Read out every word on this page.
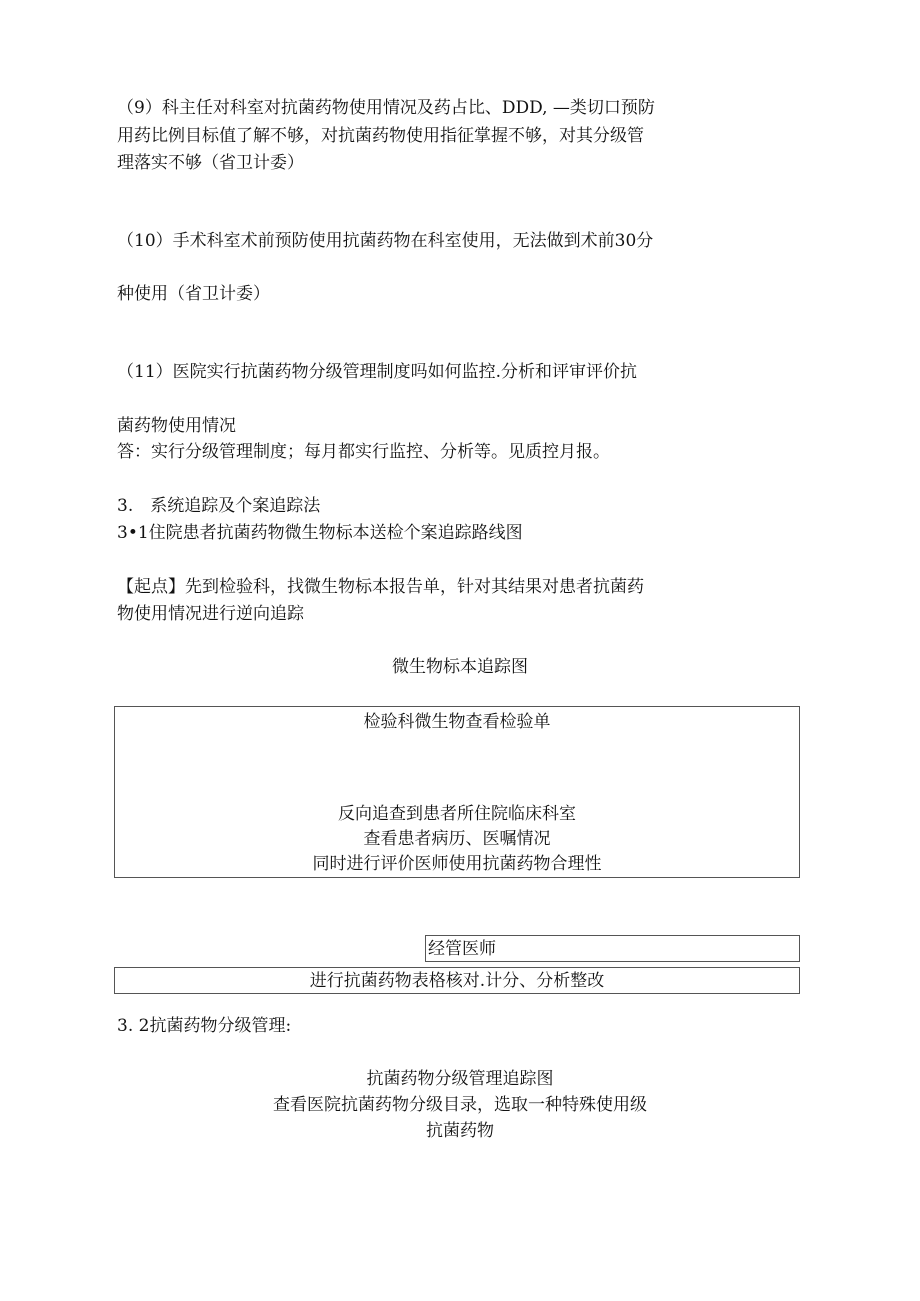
（9）科主任对科室对抗菌药物使用情况及药占比、DDD, —类切口预防
用药比例目标值了解不够，对抗菌药物使用指征掌握不够，对其分级管
理落实不够（省卫计委）
（10）手术科室术前预防使用抗菌药物在科室使用，无法做到术前30分
种使用（省卫计委）
（11）医院实行抗菌药物分级管理制度吗如何监控.分析和评审评价抗
菌药物使用情况
答：实行分级管理制度；每月都实行监控、分析等。见质控月报。
3.　系统追踪及个案追踪法
3•1住院患者抗菌药物微生物标本送检个案追踪路线图
【起点】先到检验科，找微生物标本报告单，针对其结果对患者抗菌药
物使用情况进行逆向追踪
微生物标本追踪图
检验科微生物查看检验单
反向追查到患者所住院临床科室
查看患者病历、医嘱情况
同时进行评价医师使用抗菌药物合理性
经管医师
进行抗菌药物表格核对.计分、分析整改
3. 2抗菌药物分级管理:
抗菌药物分级管理追踪图
查看医院抗菌药物分级目录，选取一种特殊使用级
抗菌药物
